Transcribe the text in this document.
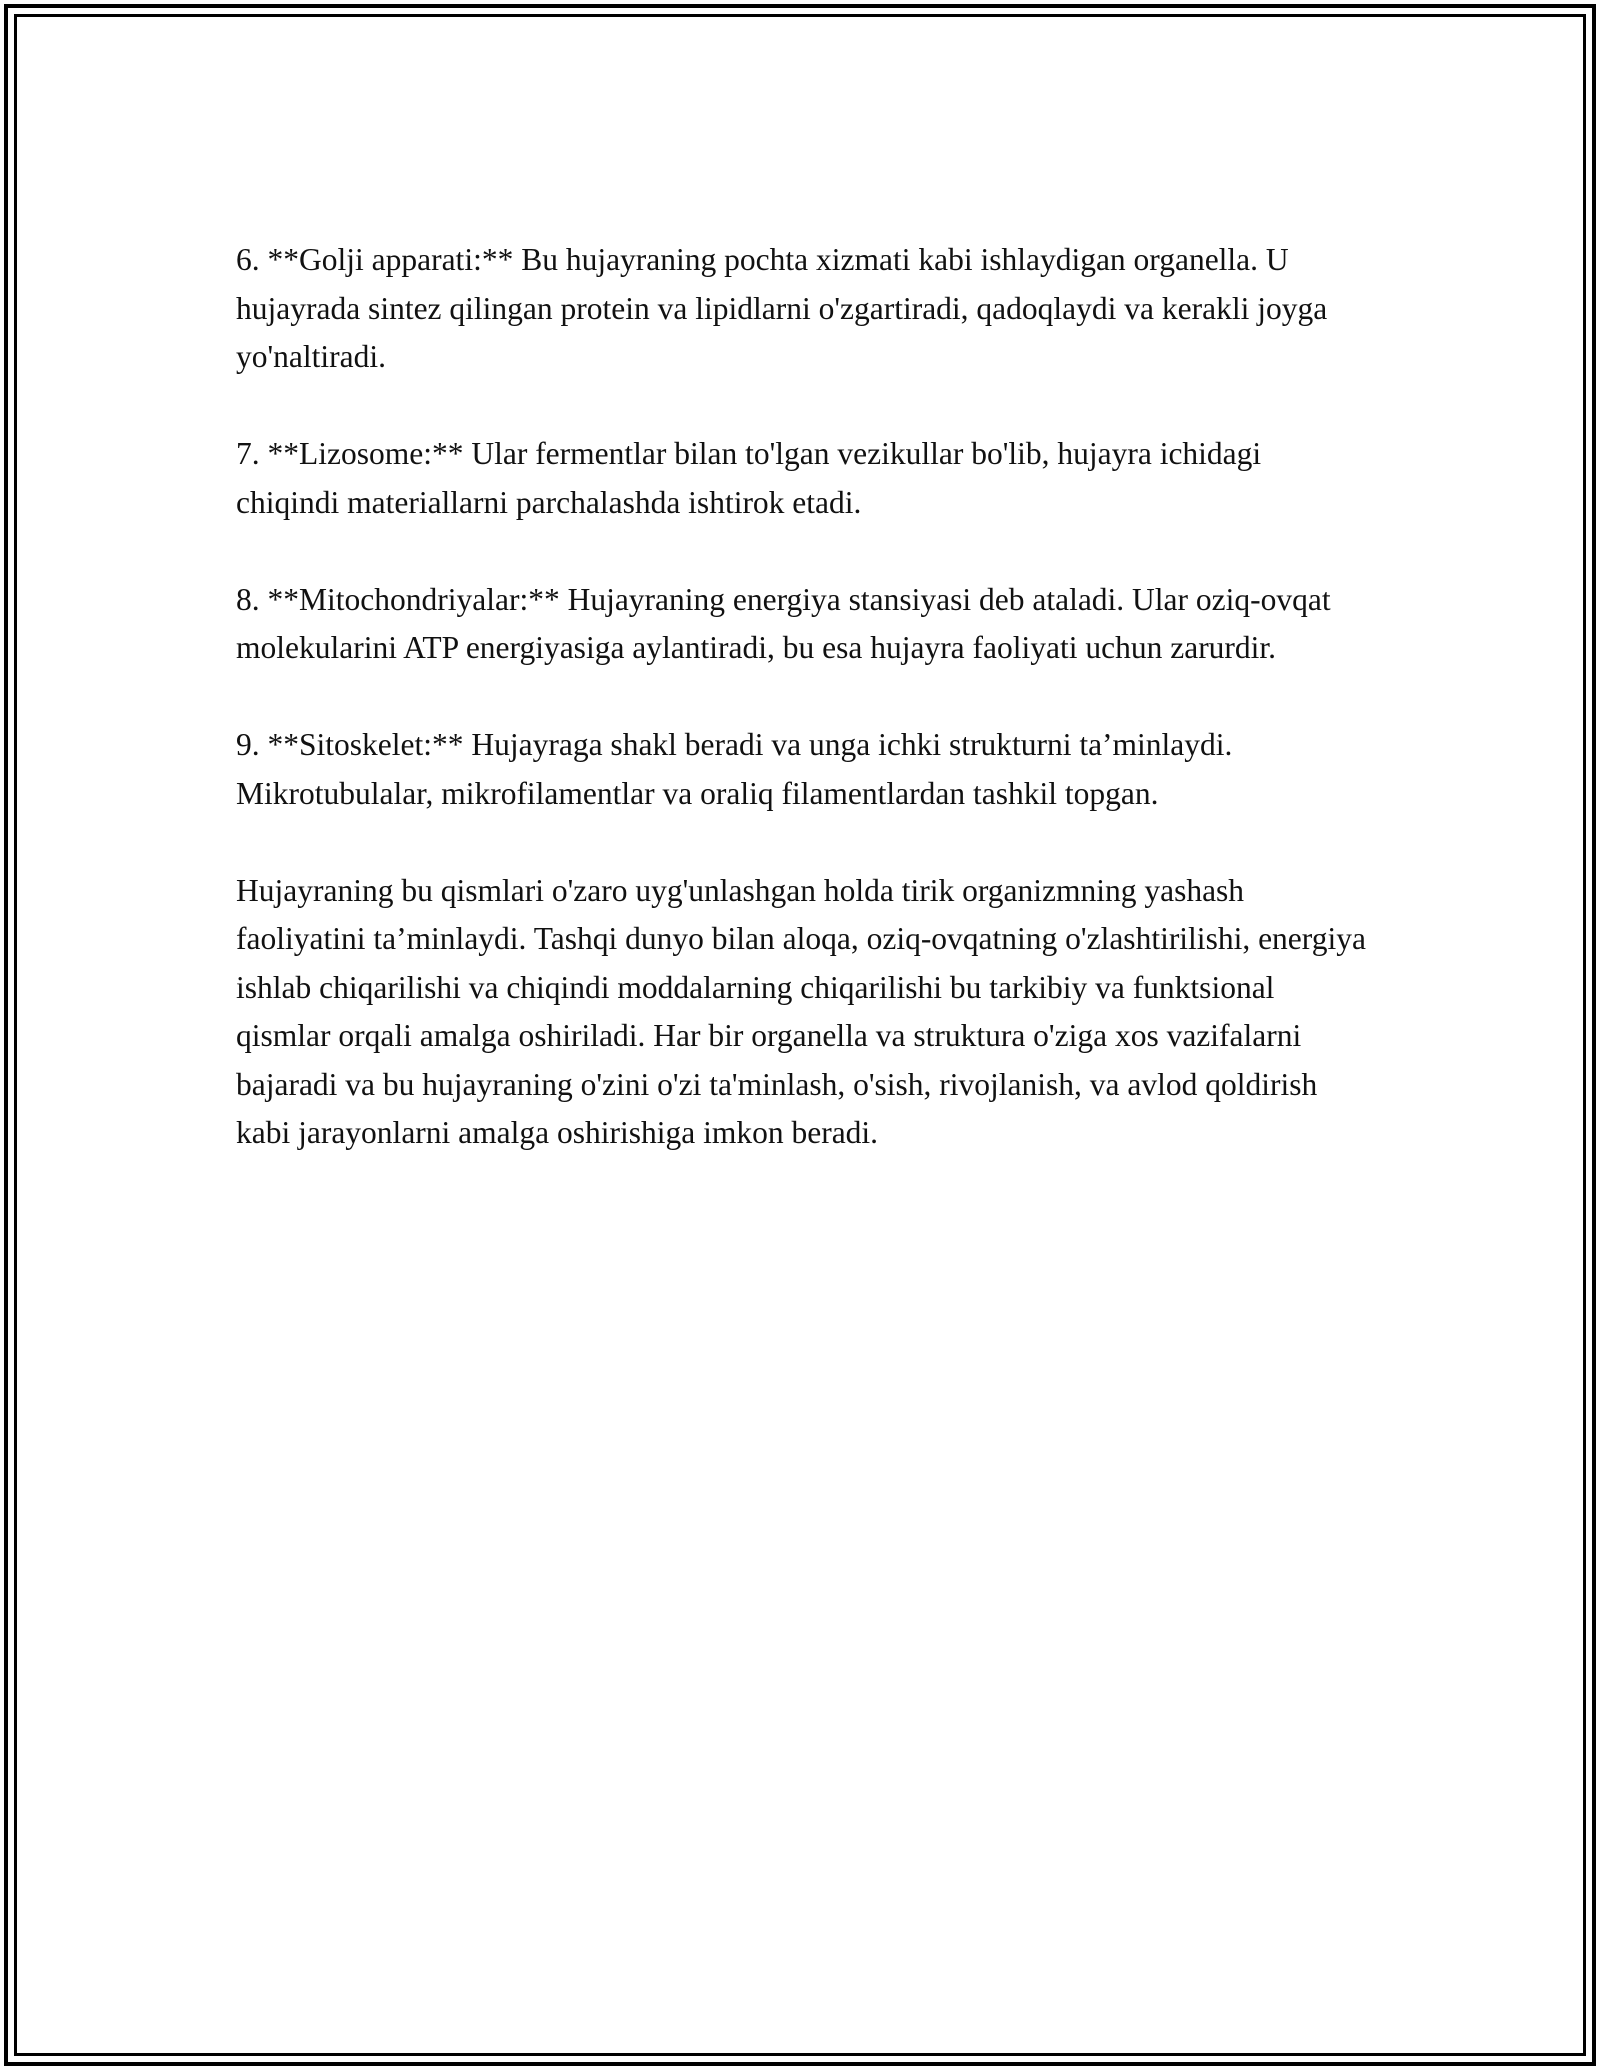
6. **Golji apparati:** Bu hujayraning pochta xizmati kabi ishlaydigan organella. U hujayrada sintez qilingan protein va lipidlarni o'zgartiradi, qadoqlaydi va kerakli joyga yo'naltiradi.

7. **Lizosome:** Ular fermentlar bilan to'lgan vezikullar bo'lib, hujayra ichidagi chiqindi materiallarni parchalashda ishtirok etadi.

8. **Mitochondriyalar:** Hujayraning energiya stansiyasi deb ataladi. Ular oziq-ovqat molekularini ATP energiyasiga aylantiradi, bu esa hujayra faoliyati uchun zarurdir.

9. **Sitoskelet:** Hujayraga shakl beradi va unga ichki strukturni ta’minlaydi. Mikrotubulalar, mikrofilamentlar va oraliq filamentlardan tashkil topgan.

Hujayraning bu qismlari o'zaro uyg'unlashgan holda tirik organizmning yashash faoliyatini ta’minlaydi. Tashqi dunyo bilan aloqa, oziq-ovqatning o'zlashtirilishi, energiya ishlab chiqarilishi va chiqindi moddalarning chiqarilishi bu tarkibiy va funktsional qismlar orqali amalga oshiriladi. Har bir organella va struktura o'ziga xos vazifalarni bajaradi va bu hujayraning o'zini o'zi ta'minlash, o'sish, rivojlanish, va avlod qoldirish kabi jarayonlarni amalga oshirishiga imkon beradi.
